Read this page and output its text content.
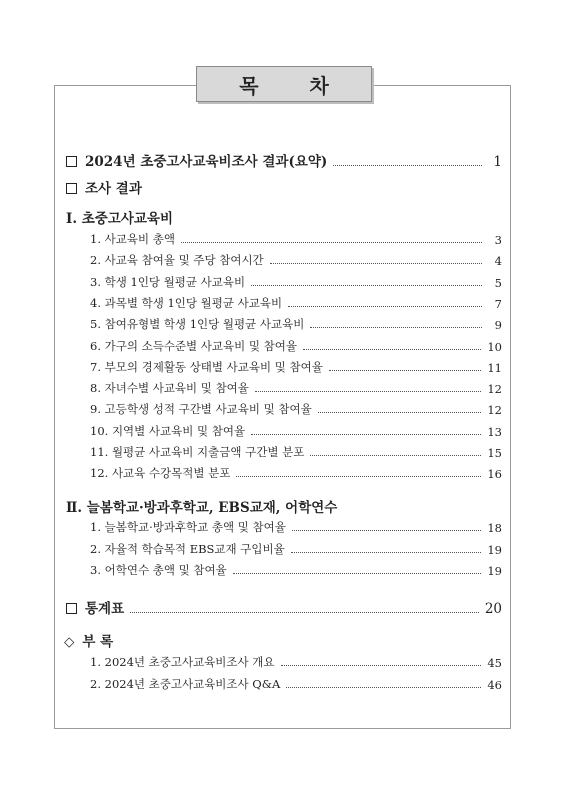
목 차
2024년 초중고사교육비조사 결과(요약)	1
조사 결과
Ⅰ. 초중고사교육비
1. 사교육비 총액	3
2. 사교육 참여율 및 주당 참여시간	4
3. 학생 1인당 월평균 사교육비	5
4. 과목별 학생 1인당 월평균 사교육비	7
5. 참여유형별 학생 1인당 월평균 사교육비	9
6. 가구의 소득수준별 사교육비 및 참여율	10
7. 부모의 경제활동 상태별 사교육비 및 참여율	11
8. 자녀수별 사교육비 및 참여율	12
9. 고등학생 성적 구간별 사교육비 및 참여율	12
10. 지역별 사교육비 및 참여율	13
11. 월평균 사교육비 지출금액 구간별 분포	15
12. 사교육 수강목적별 분포	16
Ⅱ. 늘봄학교·방과후학교, EBS교재, 어학연수
1. 늘봄학교·방과후학교 총액 및 참여율	18
2. 자율적 학습목적 EBS교재 구입비율	19
3. 어학연수 총액 및 참여율	19
통계표	20
◇ 부 록
1. 2024년 초중고사교육비조사 개요	45
2. 2024년 초중고사교육비조사 Q&A	46
